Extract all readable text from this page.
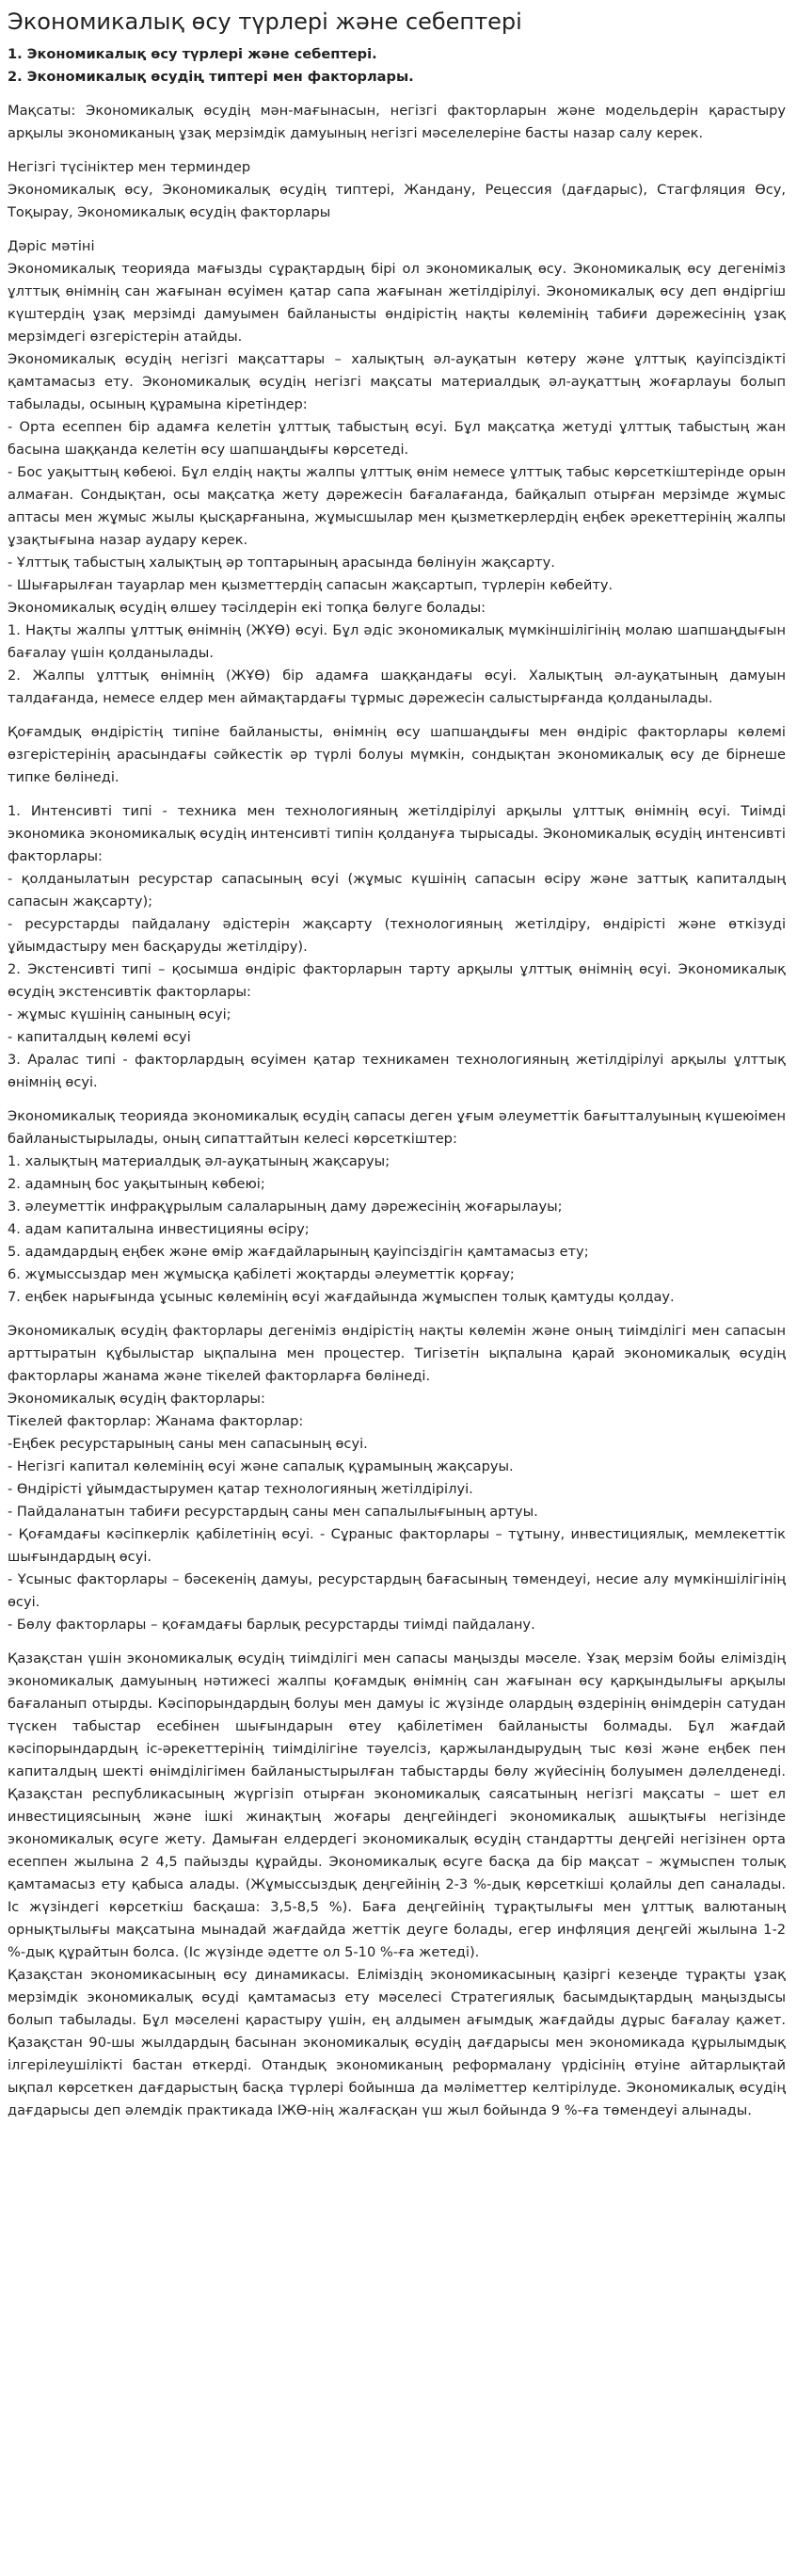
Экономикалық өсу түрлері және себептері

1. Экономикалық өсу түрлері және себептері.

2. Экономикалық өсудің типтері мен факторлары.

Мақсаты: Экономикалық өсудің мән-мағынасын, негізгі факторларын және модельдерін қарастыру арқылы экономиканың ұзақ мерзімдік дамуының негізгі мәселелеріне басты назар салу керек.

Негізгі түсініктер мен терминдер

Экономикалық өсу, Экономикалық өсудің типтері, Жандану, Рецессия (дағдарыс), Стагфляция Өсу, Тоқырау, Экономикалық өсудің факторлары

Дәріс мәтіні

Экономикалық теорияда мағызды сұрақтардың бірі ол экономикалық өсу. Экономикалық өсу дегеніміз ұлттық өнімнің сан жағынан өсуімен қатар сапа жағынан жетілдірілуі. Экономикалық өсу деп өндіргіш күштердің ұзақ мерзімді дамуымен байланысты өндірістің нақты көлемінің табиғи дәрежесінің ұзақ мерзімдегі өзгерістерін атайды.

Экономикалық өсудің негізгі мақсаттары – халықтың әл-ауқатын көтеру және ұлттық қауіпсіздікті қамтамасыз ету. Экономикалық өсудің негізгі мақсаты материалдық әл-ауқаттың жоғарлауы болып табылады, осының құрамына кіретіндер:

- Орта есеппен бір адамға келетін ұлттық табыстың өсуі. Бұл мақсатқа жетуді ұлттық табыстың жан басына шаққанда келетін өсу шапшаңдығы көрсетеді.

- Бос уақыттың көбеюі. Бұл елдің нақты жалпы ұлттық өнім немесе ұлттық табыс көрсеткіштерінде орын алмаған. Сондықтан, осы мақсатқа жету дәрежесін бағалағанда, байқалып отырған мерзімде жұмыс аптасы мен жұмыс жылы қысқарғанына, жұмысшылар мен қызметкерлердің еңбек әрекеттерінің жалпы ұзақтығына назар аудару керек.

- Ұлттық табыстың халықтың әр топтарының арасында бөлінуін жақсарту.

- Шығарылған тауарлар мен қызметтердің сапасын жақсартып, түрлерін көбейту.

Экономикалық өсудің өлшеу тәсілдерін екі топқа бөлуге болады:

1. Нақты жалпы ұлттық өнімнің (ЖҰӨ) өсуі. Бұл әдіс экономикалық мүмкіншілігінің молаю шапшаңдығын бағалау үшін қолданылады.

2. Жалпы ұлттық өнімнің (ЖҰӨ) бір адамға шаққандағы өсуі. Халықтың әл-ауқатының дамуын талдағанда, немесе елдер мен аймақтардағы тұрмыс дәрежесін салыстырғанда қолданылады.

Қоғамдық өндірістің типіне байланысты, өнімнің өсу шапшаңдығы мен өндіріс факторлары көлемі өзгерістерінің арасындағы сәйкестік әр түрлі болуы мүмкін, сондықтан экономикалық өсу де бірнеше типке бөлінеді.

1. Интенсивті типі - техника мен технологияның жетілдірілуі арқылы ұлттық өнімнің өсуі. Тиімді экономика экономикалық өсудің интенсивті типін қолдануға тырысады. Экономикалық өсудің интенсивті факторлары:

- қолданылатын ресурстар сапасының өсуі (жұмыс күшінің сапасын өсіру және заттық капиталдың сапасын жақсарту);

- ресурстарды пайдалану әдістерін жақсарту (технологияның жетілдіру, өндірісті және өткізуді ұйымдастыру мен басқаруды жетілдіру).

2. Экстенсивті типі – қосымша өндіріс факторларын тарту арқылы ұлттық өнімнің өсуі. Экономикалық өсудің экстенсивтік факторлары:

- жұмыс күшінің санының өсуі;

- капиталдың көлемі өсуі

3. Аралас типі - факторлардың өсуімен қатар техникамен технологияның жетілдірілуі арқылы ұлттық өнімнің өсуі.

Экономикалық теорияда экономикалық өсудің сапасы деген ұғым әлеуметтік бағытталуының күшеюімен байланыстырылады, оның сипаттайтын келесі көрсеткіштер:

1. халықтың материалдық әл-ауқатының жақсаруы;

2. адамның бос уақытының көбеюі;

3. әлеуметтік инфрақұрылым салаларының даму дәрежесінің жоғарылауы;

4. адам капиталына инвестицияны өсіру;

5. адамдардың еңбек және өмір жағдайларының қауіпсіздігін қамтамасыз ету;

6. жұмыссыздар мен жұмысқа қабілеті жоқтарды әлеуметтік қорғау;

7. еңбек нарығында ұсыныс көлемінің өсуі жағдайында жұмыспен толық қамтуды қолдау.

Экономикалық өсудің факторлары дегеніміз өндірістің нақты көлемін және оның тиімділігі мен сапасын арттыратын құбылыстар ықпалына мен процестер. Тигізетін ықпалына қарай экономикалық өсудің факторлары жанама және тікелей факторларға бөлінеді.

Экономикалық өсудің факторлары:

Тікелей факторлар: Жанама факторлар:

-Еңбек ресурстарының саны мен сапасының өсуі.

- Негізгі капитал көлемінің өсуі және сапалық құрамының жақсаруы.

- Өндірісті ұйымдастырумен қатар технологияның жетілдірілуі.

- Пайдаланатын табиғи ресурстардың саны мен сапалылығының артуы.

- Қоғамдағы кәсіпкерлік қабілетінің өсуі. - Сұраныс факторлары – тұтыну, инвестициялық, мемлекеттік шығындардың өсуі.

- Ұсыныс факторлары – бәсекенің дамуы, ресурстардың бағасының төмендеуі, несие алу мүмкіншілігінің өсуі.

- Бөлу факторлары – қоғамдағы барлық ресурстарды тиімді пайдалану.

Қазақстан үшін экономикалық өсудің тиімділігі мен сапасы маңызды мәселе. Ұзақ мерзім бойы еліміздің экономикалық дамуының нәтижесі жалпы қоғамдық өнімнің сан жағынан өсу қарқындылығы арқылы бағаланып отырды. Кәсіпорындардың болуы мен дамуы іс жүзінде олардың өздерінің өнімдерін сатудан түскен табыстар есебінен шығындарын өтеу қабілетімен байланысты болмады. Бұл жағдай кәсіпорындардың іс-әрекеттерінің тиімділігіне тәуелсіз, қаржыландырудың тыс көзі және еңбек пен капиталдың шекті өнімділігімен байланыстырылған табыстарды бөлу жүйесінің болуымен дәлелденеді. Қазақстан республикасының жүргізіп отырған экономикалық саясатының негізгі мақсаты – шет ел инвестициясының және ішкі жинақтың жоғары деңгейіндегі экономикалық ашықтығы негізінде экономикалық өсуге жету. Дамыған елдердегі экономикалық өсудің стандартты деңгейі негізінен орта есеппен жылына 2 4,5 пайызды құрайды. Экономикалық өсуге басқа да бір мақсат – жұмыспен толық қамтамасыз ету қабыса алады. (Жұмыссыздық деңгейінің 2-3 %-дық көрсеткіші қолайлы деп саналады. Іс жүзіндегі көрсеткіш басқаша: 3,5-8,5 %). Баға деңгейінің тұрақтылығы мен ұлттық валютаның орнықтылығы мақсатына мынадай жағдайда жеттік деуге болады, егер инфляция деңгейі жылына 1-2 %-дық құрайтын болса. (Іс жүзінде әдетте ол 5-10 %-ға жетеді).

Қазақстан экономикасының өсу динамикасы. Еліміздің экономикасының қазіргі кезеңде тұрақты ұзақ мерзімдік экономикалық өсуді қамтамасыз ету мәселесі Стратегиялық басымдықтардың маңыздысы болып табылады. Бұл мәселені қарастыру үшін, ең алдымен ағымдық жағдайды дұрыс бағалау қажет. Қазақстан 90-шы жылдардың басынан экономикалық өсудің дағдарысы мен экономикада құрылымдық ілгерілеушілікті бастан өткерді. Отандық экономиканың реформалану үрдісінің өтуіне айтарлықтай ықпал көрсеткен дағдарыстың басқа түрлері бойынша да мәліметтер келтірілуде. Экономикалық өсудің дағдарысы деп әлемдік практикада ІЖӨ-нің жалғасқан үш жыл бойында 9 %-ға төмендеуі алынады.
